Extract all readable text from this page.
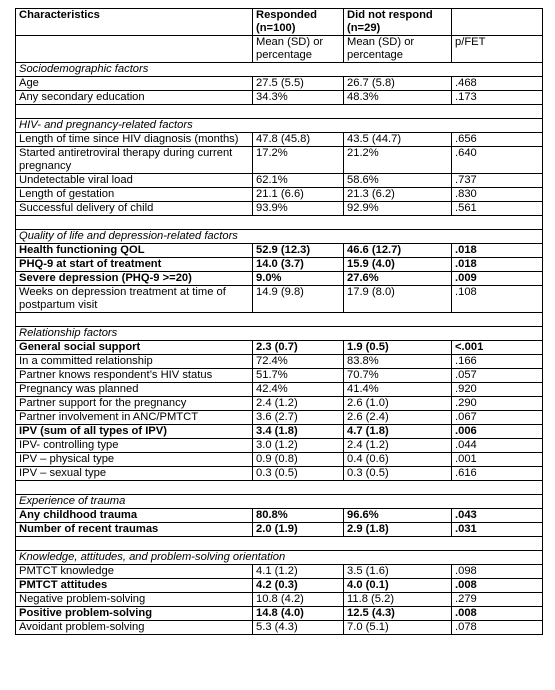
Characteristics	Responded (n=100)	Did not respond (n=29)	
	Mean (SD) or percentage	Mean (SD) or percentage	p/FET
Sociodemographic factors			
Age	27.5 (5.5)	26.7 (5.8)	.468
Any secondary education	34.3%	48.3%	.173

HIV- and pregnancy-related factors			
Length of time since HIV diagnosis (months)	47.8 (45.8)	43.5 (44.7)	.656
Started antiretroviral therapy during current pregnancy	17.2%	21.2%	.640
Undetectable viral load	62.1%	58.6%	.737
Length of gestation	21.1 (6.6)	21.3 (6.2)	.830
Successful delivery of child	93.9%	92.9%	.561

Quality of life and depression-related factors			
Health functioning QOL	52.9 (12.3)	46.6 (12.7)	.018
PHQ-9 at start of treatment	14.0 (3.7)	15.9 (4.0)	.018
Severe depression (PHQ-9 >=20)	9.0%	27.6%	.009
Weeks on depression treatment at time of postpartum visit	14.9 (9.8)	17.9 (8.0)	.108

Relationship factors			
General social support	2.3 (0.7)	1.9 (0.5)	<.001
In a committed relationship	72.4%	83.8%	.166
Partner knows respondent’s HIV status	51.7%	70.7%	.057
Pregnancy was planned	42.4%	41.4%	.920
Partner support for the pregnancy	2.4 (1.2)	2.6 (1.0)	.290
Partner involvement in ANC/PMTCT	3.6 (2.7)	2.6 (2.4)	.067
IPV (sum of all types of IPV)	3.4 (1.8)	4.7 (1.8)	.006
IPV- controlling type	3.0 (1.2)	2.4 (1.2)	.044
IPV – physical type	0.9 (0.8)	0.4 (0.6)	.001
IPV – sexual type	0.3 (0.5)	0.3 (0.5)	.616

Experience of trauma			
Any childhood trauma	80.8%	96.6%	.043
Number of recent traumas	2.0 (1.9)	2.9 (1.8)	.031

Knowledge, attitudes, and problem-solving orientation			
PMTCT knowledge	4.1 (1.2)	3.5 (1.6)	.098
PMTCT attitudes	4.2 (0.3)	4.0 (0.1)	.008
Negative problem-solving	10.8 (4.2)	11.8 (5.2)	.279
Positive problem-solving	14.8 (4.0)	12.5 (4.3)	.008
Avoidant problem-solving	5.3 (4.3)	7.0 (5.1)	.078
